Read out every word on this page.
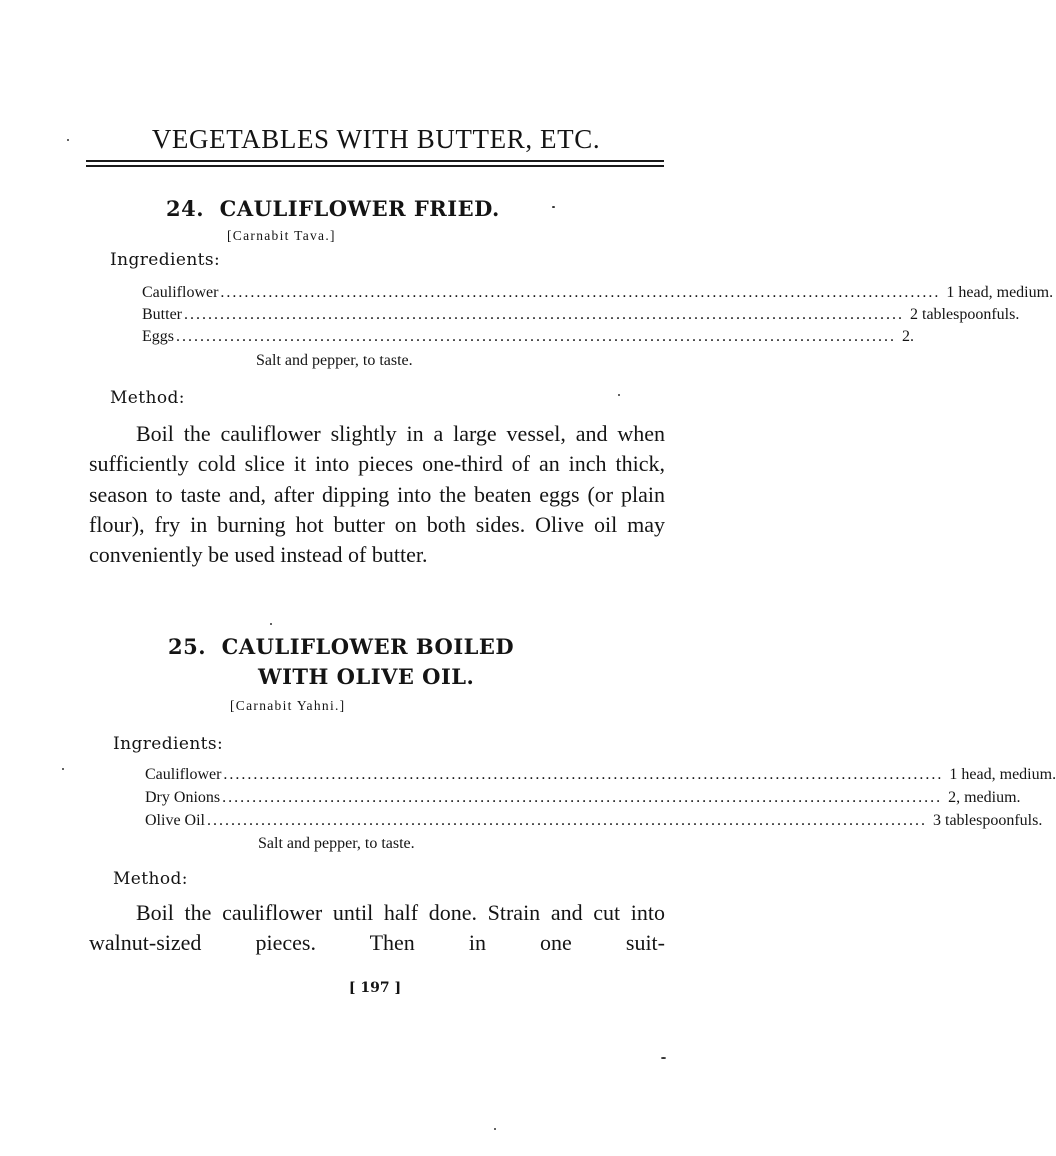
VEGETABLES WITH BUTTER, ETC.
24. CAULIFLOWER FRIED.
[Carnabit Tava.]
Ingredients:
Cauliflower ........................................................................................................................ 1 head, medium.
Butter ........................................................................................................................ 2 tablespoonfuls.
Eggs ........................................................................................................................ 2.
Salt and pepper, to taste.
Method:

Boil the cauliflower slightly in a large vessel, and when sufficiently cold slice it into pieces one-third of an inch thick, season to taste and, after dipping into the beaten eggs (or plain flour), fry in burning hot butter on both sides. Olive oil may conveniently be used instead of butter.

25. CAULIFLOWER BOILED
WITH OLIVE OIL.
[Carnabit Yahni.]
Ingredients:
Cauliflower ........................................................................................................................ 1 head, medium.
Dry Onions ........................................................................................................................ 2, medium.
Olive Oil ........................................................................................................................ 3 tablespoonfuls.
Salt and pepper, to taste.
Method:

Boil the cauliflower until half done. Strain and cut into walnut-sized pieces. Then in one suit-

[ 197 ]
